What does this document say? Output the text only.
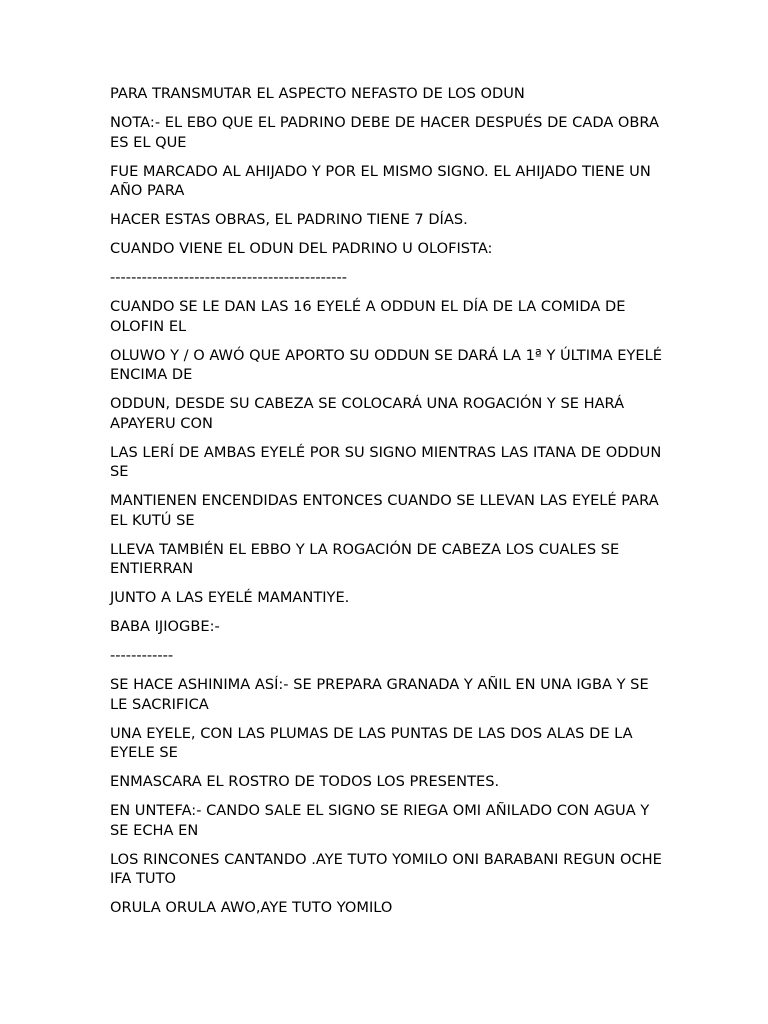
PARA TRANSMUTAR EL ASPECTO NEFASTO DE LOS ODUN

NOTA:- EL EBO QUE EL PADRINO DEBE DE HACER DESPUÉS DE CADA OBRA ES EL QUE

FUE MARCADO AL AHIJADO Y POR EL MISMO SIGNO. EL AHIJADO TIENE UN AÑO PARA

HACER ESTAS OBRAS, EL PADRINO TIENE 7 DÍAS.

CUANDO VIENE EL ODUN DEL PADRINO U OLOFISTA:

---------------------------------------------

CUANDO SE LE DAN LAS 16 EYELÉ A ODDUN EL DÍA DE LA COMIDA DE OLOFIN EL

OLUWO Y / O AWÓ QUE APORTO SU ODDUN SE DARÁ LA 1ª Y ÚLTIMA EYELÉ ENCIMA DE

ODDUN, DESDE SU CABEZA SE COLOCARÁ UNA ROGACIÓN Y SE HARÁ APAYERU CON

LAS LERÍ DE AMBAS EYELÉ POR SU SIGNO MIENTRAS LAS ITANA DE ODDUN SE

MANTIENEN ENCENDIDAS ENTONCES CUANDO SE LLEVAN LAS EYELÉ PARA EL KUTÚ SE

LLEVA TAMBIÉN EL EBBO Y LA ROGACIÓN DE CABEZA LOS CUALES SE ENTIERRAN

JUNTO A LAS EYELÉ MAMANTIYE.

BABA IJIOGBE:-

------------

SE HACE ASHINIMA ASÍ:- SE PREPARA GRANADA Y AÑIL EN UNA IGBA Y SE LE SACRIFICA

UNA EYELE, CON LAS PLUMAS DE LAS PUNTAS DE LAS DOS ALAS DE LA EYELE SE

ENMASCARA EL ROSTRO DE TODOS LOS PRESENTES.

EN UNTEFA:- CANDO SALE EL SIGNO SE RIEGA OMI AÑILADO CON AGUA Y SE ECHA EN

LOS RINCONES CANTANDO .AYE TUTO YOMILO ONI BARABANI REGUN OCHE IFA TUTO

ORULA ORULA AWO,AYE TUTO YOMILO
